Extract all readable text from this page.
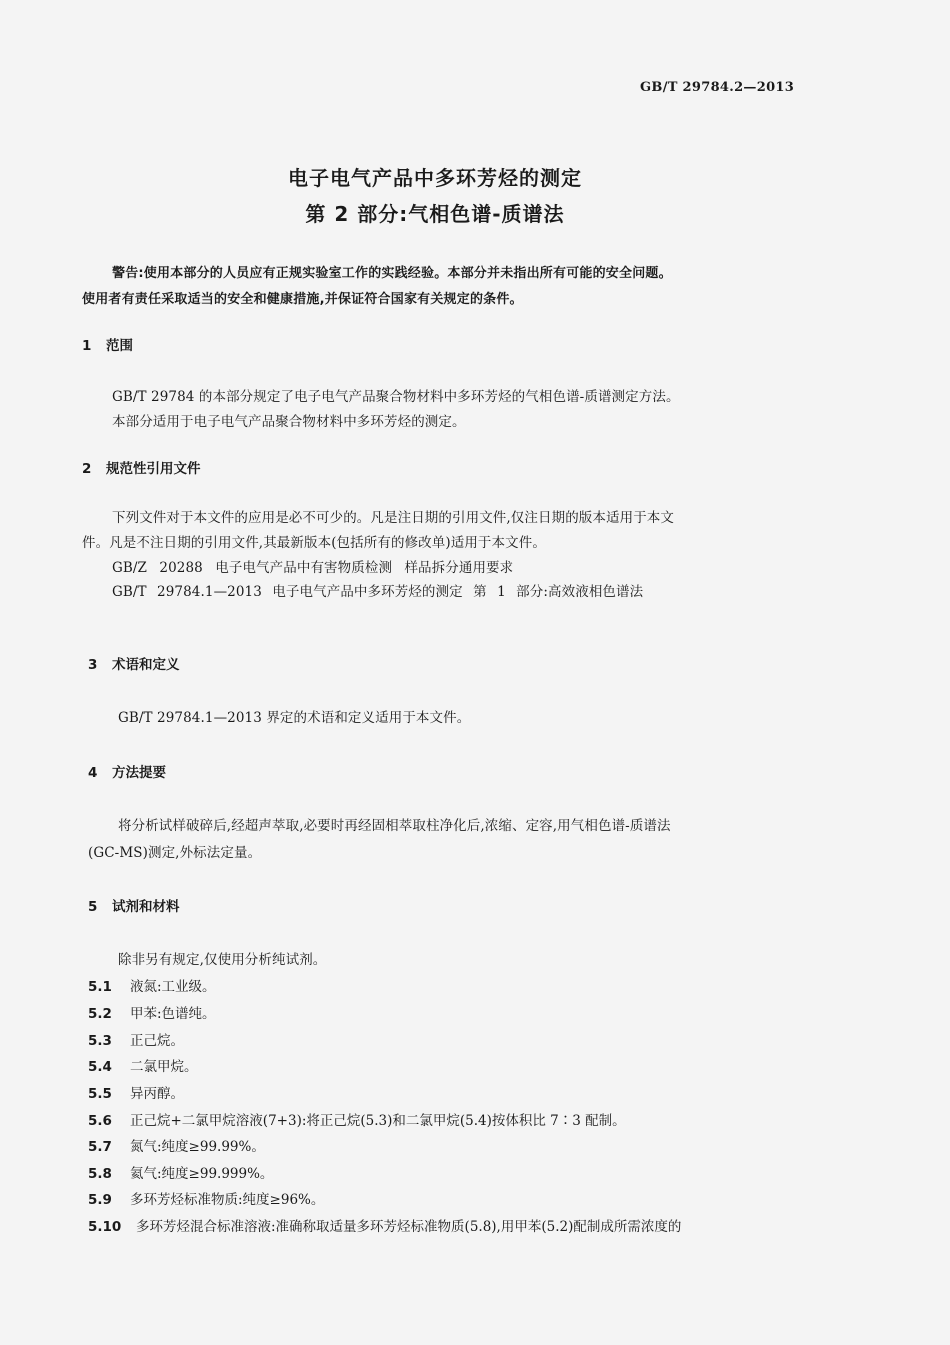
GB/T 29784.2—2013
电子电气产品中多环芳烃的测定
第 2 部分:气相色谱-质谱法
警告:使用本部分的人员应有正规实验室工作的实践经验。本部分并未指出所有可能的安全问题。
使用者有责任采取适当的安全和健康措施,并保证符合国家有关规定的条件。
1 范围
GB/T 29784 的本部分规定了电子电气产品聚合物材料中多环芳烃的气相色谱-质谱测定方法。
本部分适用于电子电气产品聚合物材料中多环芳烃的测定。
2 规范性引用文件
下列文件对于本文件的应用是必不可少的。凡是注日期的引用文件,仅注日期的版本适用于本文
件。凡是不注日期的引用文件,其最新版本(包括所有的修改单)适用于本文件。
GB/Z 20288 电子电气产品中有害物质检测 样品拆分通用要求
GB/T 29784.1—2013 电子电气产品中多环芳烃的测定 第 1 部分:高效液相色谱法
3 术语和定义
GB/T 29784.1—2013 界定的术语和定义适用于本文件。
4 方法提要
将分析试样破碎后,经超声萃取,必要时再经固相萃取柱净化后,浓缩、定容,用气相色谱-质谱法
(GC-MS)测定,外标法定量。
5 试剂和材料
除非另有规定,仅使用分析纯试剂。
5.1 液氮:工业级。
5.2 甲苯:色谱纯。
5.3 正己烷。
5.4 二氯甲烷。
5.5 异丙醇。
5.6 正己烷+二氯甲烷溶液(7+3):将正己烷(5.3)和二氯甲烷(5.4)按体积比 7∶3 配制。
5.7 氮气:纯度≥99.99%。
5.8 氦气:纯度≥99.999%。
5.9 多环芳烃标准物质:纯度≥96%。
5.10 多环芳烃混合标准溶液:准确称取适量多环芳烃标准物质(5.8),用甲苯(5.2)配制成所需浓度的
